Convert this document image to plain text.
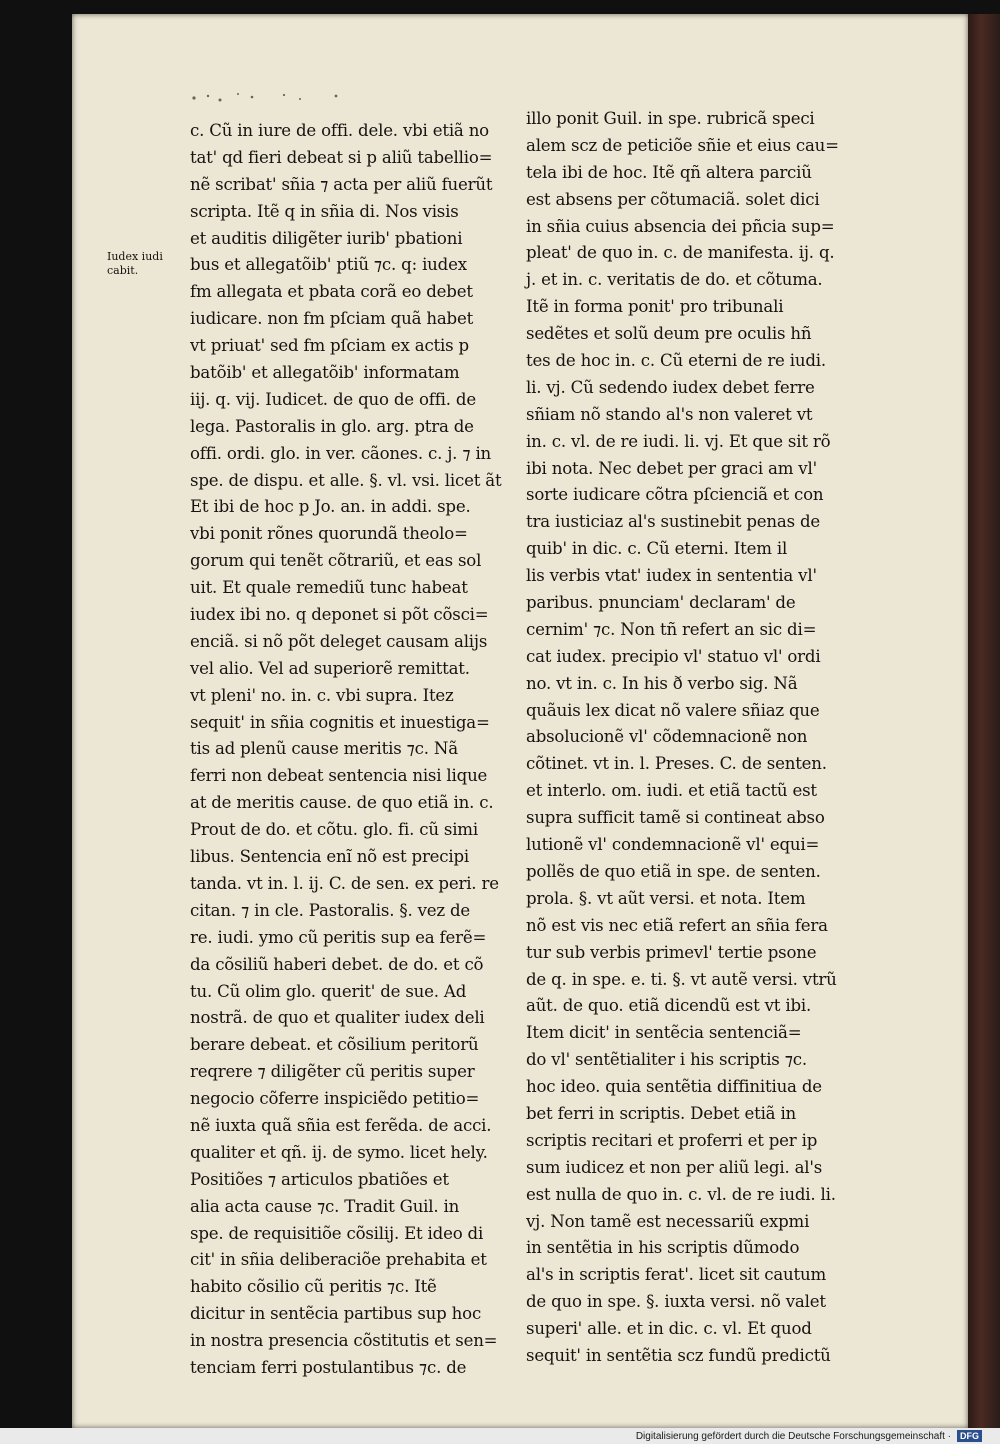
Iudex iudi
cabit.
c. Cũ in iure de offi. dele. vbi etiã no
tat' qd fieri debeat si p aliũ tabellio=
nẽ scribat' sñia ⁊ acta per aliũ fuerũt
scripta. Itẽ q in sñia di. Nos visis
et auditis diligẽter iurib' pbationi
bus et allegatõib' ptiũ ⁊c. q: iudex
fm allegata et pbata corã eo debet
iudicare. non fm pſciam quã habet
vt priuat' sed fm pſciam ex actis p
batõib' et allegatõib' informatam
iij. q. vij. Iudicet. de quo de offi. de
lega. Pastoralis in glo. arg. ptra de
offi. ordi. glo. in ver. cãones. c. j. ⁊ in
spe. de dispu. et alle. §. vl. vsi. licet ãt
Et ibi de hoc p Jo. an. in addi. spe.
vbi ponit rõnes quorundã theolo=
gorum qui tenẽt cõtrariũ, et eas sol
uit. Et quale remediũ tunc habeat
iudex ibi no. q deponet si põt cõsci=
enciã. si nõ põt deleget causam alijs
vel alio. Vel ad superiorẽ remittat.
vt pleni' no. in. c. vbi supra. Itez
sequit' in sñia cognitis et inuestiga=
tis ad plenũ cause meritis ⁊c. Nã
ferri non debeat sentencia nisi lique
at de meritis cause. de quo etiã in. c.
Prout de do. et cõtu. glo. fi. cũ simi
libus. Sentencia enĩ nõ est precipi
tanda. vt in. l. ij. C. de sen. ex peri. re
citan. ⁊ in cle. Pastoralis. §. vez de
re. iudi. ymo cũ peritis sup ea ferẽ=
da cõsiliũ haberi debet. de do. et cõ
tu. Cũ olim glo. querit' de sue. Ad
nostrã. de quo et qualiter iudex deli
berare debeat. et cõsilium peritorũ
reqrere ⁊ diligẽter cũ peritis super
negocio cõferre inspiciẽdo petitio=
nẽ iuxta quã sñia est ferẽda. de acci.
qualiter et qñ. ij. de symo. licet hely.
Positiões ⁊ articulos pbatiões et
alia acta cause ⁊c. Tradit Guil. in
spe. de requisitiõe cõsilij. Et ideo di
cit' in sñia deliberaciõe prehabita et
habito cõsilio cũ peritis ⁊c. Itẽ
dicitur in sentẽcia partibus sup hoc
in nostra presencia cõstitutis et sen=
tenciam ferri postulantibus ⁊c. de
illo ponit Guil. in spe. rubricã speci
alem scz de peticiõe sñie et eius cau=
tela ibi de hoc. Itẽ qñ altera parciũ
est absens per cõtumaciã. solet dici
in sñia cuius absencia dei pñcia sup=
pleat' de quo in. c. de manifesta. ij. q.
j. et in. c. veritatis de do. et cõtuma.
Itẽ in forma ponit' pro tribunali
sedẽtes et solũ deum pre oculis hñ
tes de hoc in. c. Cũ eterni de re iudi.
li. vj. Cũ sedendo iudex debet ferre
sñiam nõ stando al's non valeret vt
in. c. vl. de re iudi. li. vj. Et que sit rõ
ibi nota. Nec debet per graci am vl'
sorte iudicare cõtra pſcienciã et con
tra iusticiaz al's sustinebit penas de
quib' in dic. c. Cũ eterni. Item il
lis verbis vtat' iudex in sententia vl'
paribus. pnunciam' declaram' de
cernim' ⁊c. Non tñ refert an sic di=
cat iudex. precipio vl' statuo vl' ordi
no. vt in. c. In his ð verbo sig. Nã
quãuis lex dicat nõ valere sñiaz que
absolucionẽ vl' cõdemnacionẽ non
cõtinet. vt in. l. Preses. C. de senten.
et interlo. om. iudi. et etiã tactũ est
supra sufficit tamẽ si contineat abso
lutionẽ vl' condemnacionẽ vl' equi=
pollẽs de quo etiã in spe. de senten.
prola. §. vt aũt versi. et nota. Item
nõ est vis nec etiã refert an sñia fera
tur sub verbis primevl' tertie psone
de q. in spe. e. ti. §. vt autẽ versi. vtrũ
aũt. de quo. etiã dicendũ est vt ibi.
Item dicit' in sentẽcia sentenciã=
do vl' sentẽtialiter i his scriptis ⁊c.
hoc ideo. quia sentẽtia diffinitiua de
bet ferri in scriptis. Debet etiã in
scriptis recitari et proferri et per ip
sum iudicez et non per aliũ legi. al's
est nulla de quo in. c. vl. de re iudi. li.
vj. Non tamẽ est necessariũ expmi
in sentẽtia in his scriptis dũmodo
al's in scriptis ferat'. licet sit cautum
de quo in spe. §. iuxta versi. nõ valet
superi' alle. et in dic. c. vl. Et quod
sequit' in sentẽtia scz fundũ predictũ
Digitalisierung gefördert durch die Deutsche Forschungsgemeinschaft ·	DFG
